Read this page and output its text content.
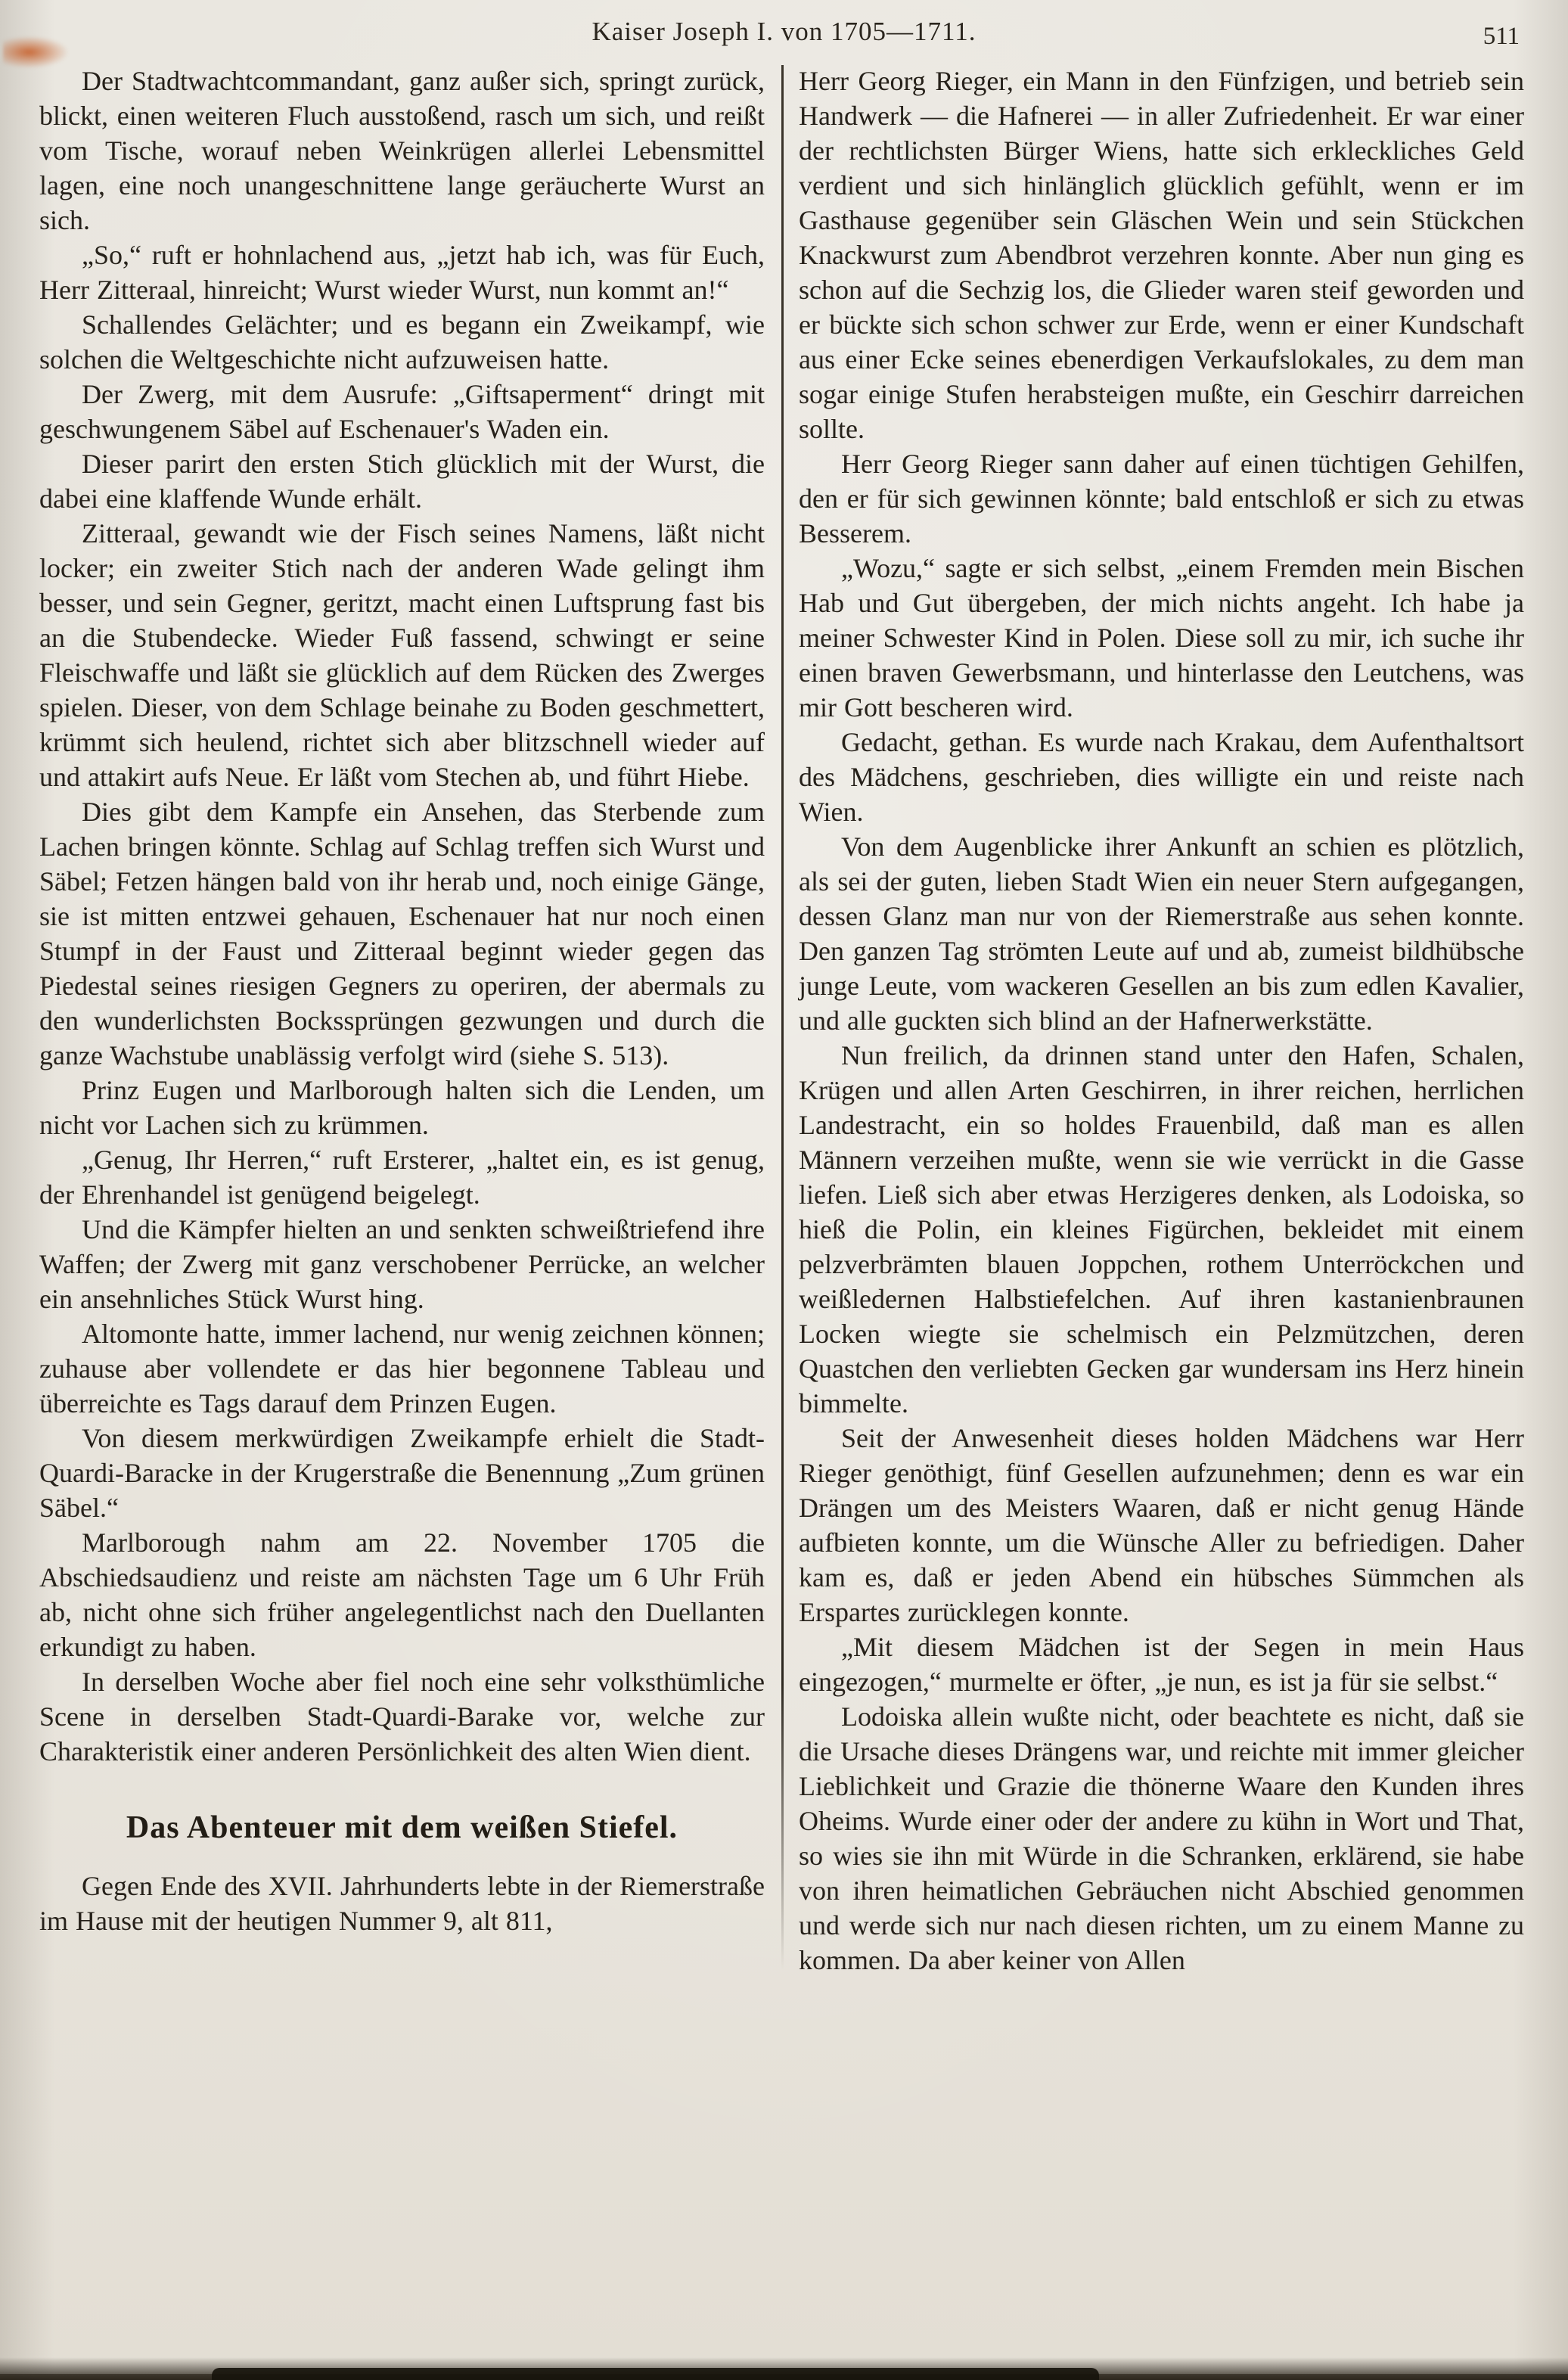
Kaiser Joseph I. von 1705—1711.	511

Der Stadtwachtcommandant, ganz außer sich, springt zurück, blickt, einen weiteren Fluch ausstoßend, rasch um sich, und reißt vom Tische, worauf neben Weinkrügen allerlei Lebensmittel lagen, eine noch unangeschnittene lange geräucherte Wurst an sich.

„So,“ ruft er hohnlachend aus, „jetzt hab ich, was für Euch, Herr Zitteraal, hinreicht; Wurst wieder Wurst, nun kommt an!“

Schallendes Gelächter; und es begann ein Zweikampf, wie solchen die Weltgeschichte nicht aufzuweisen hatte.

Der Zwerg, mit dem Ausrufe: „Giftsaperment“ dringt mit geschwungenem Säbel auf Eschenauer's Waden ein.

Dieser parirt den ersten Stich glücklich mit der Wurst, die dabei eine klaffende Wunde erhält.

Zitteraal, gewandt wie der Fisch seines Namens, läßt nicht locker; ein zweiter Stich nach der anderen Wade gelingt ihm besser, und sein Gegner, geritzt, macht einen Luftsprung fast bis an die Stubendecke. Wieder Fuß fassend, schwingt er seine Fleischwaffe und läßt sie glücklich auf dem Rücken des Zwerges spielen. Dieser, von dem Schlage beinahe zu Boden geschmettert, krümmt sich heulend, richtet sich aber blitzschnell wieder auf und attakirt aufs Neue. Er läßt vom Stechen ab, und führt Hiebe.

Dies gibt dem Kampfe ein Ansehen, das Sterbende zum Lachen bringen könnte. Schlag auf Schlag treffen sich Wurst und Säbel; Fetzen hängen bald von ihr herab und, noch einige Gänge, sie ist mitten entzwei gehauen, Eschenauer hat nur noch einen Stumpf in der Faust und Zitteraal beginnt wieder gegen das Piedestal seines riesigen Gegners zu operiren, der abermals zu den wunderlichsten Bockssprüngen gezwungen und durch die ganze Wachstube unablässig verfolgt wird (siehe S. 513).

Prinz Eugen und Marlborough halten sich die Lenden, um nicht vor Lachen sich zu krümmen.

„Genug, Ihr Herren,“ ruft Ersterer, „haltet ein, es ist genug, der Ehrenhandel ist genügend beigelegt.

Und die Kämpfer hielten an und senkten schweißtriefend ihre Waffen; der Zwerg mit ganz verschobener Perrücke, an welcher ein ansehnliches Stück Wurst hing.

Altomonte hatte, immer lachend, nur wenig zeichnen können; zuhause aber vollendete er das hier begonnene Tableau und überreichte es Tags darauf dem Prinzen Eugen.

Von diesem merkwürdigen Zweikampfe erhielt die Stadt-Quardi-Baracke in der Krugerstraße die Benennung „Zum grünen Säbel.“

Marlborough nahm am 22. November 1705 die Abschiedsaudienz und reiste am nächsten Tage um 6 Uhr Früh ab, nicht ohne sich früher angelegentlichst nach den Duellanten erkundigt zu haben.

In derselben Woche aber fiel noch eine sehr volksthümliche Scene in derselben Stadt-Quardi-Barake vor, welche zur Charakteristik einer anderen Persönlichkeit des alten Wien dient.

Das Abenteuer mit dem weißen Stiefel.

Gegen Ende des XVII. Jahrhunderts lebte in der Riemerstraße im Hause mit der heutigen Nummer 9, alt 811,

Herr Georg Rieger, ein Mann in den Fünfzigen, und betrieb sein Handwerk — die Hafnerei — in aller Zufriedenheit. Er war einer der rechtlichsten Bürger Wiens, hatte sich erkleckliches Geld verdient und sich hinlänglich glücklich gefühlt, wenn er im Gasthause gegenüber sein Gläschen Wein und sein Stückchen Knackwurst zum Abendbrot verzehren konnte. Aber nun ging es schon auf die Sechzig los, die Glieder waren steif geworden und er bückte sich schon schwer zur Erde, wenn er einer Kundschaft aus einer Ecke seines ebenerdigen Verkaufslokales, zu dem man sogar einige Stufen herabsteigen mußte, ein Geschirr darreichen sollte.

Herr Georg Rieger sann daher auf einen tüchtigen Gehilfen, den er für sich gewinnen könnte; bald entschloß er sich zu etwas Besserem.

„Wozu,“ sagte er sich selbst, „einem Fremden mein Bischen Hab und Gut übergeben, der mich nichts angeht. Ich habe ja meiner Schwester Kind in Polen. Diese soll zu mir, ich suche ihr einen braven Gewerbsmann, und hinterlasse den Leutchens, was mir Gott bescheren wird.

Gedacht, gethan. Es wurde nach Krakau, dem Aufenthaltsort des Mädchens, geschrieben, dies willigte ein und reiste nach Wien.

Von dem Augenblicke ihrer Ankunft an schien es plötzlich, als sei der guten, lieben Stadt Wien ein neuer Stern aufgegangen, dessen Glanz man nur von der Riemerstraße aus sehen konnte. Den ganzen Tag strömten Leute auf und ab, zumeist bildhübsche junge Leute, vom wackeren Gesellen an bis zum edlen Kavalier, und alle guckten sich blind an der Hafnerwerkstätte.

Nun freilich, da drinnen stand unter den Hafen, Schalen, Krügen und allen Arten Geschirren, in ihrer reichen, herrlichen Landestracht, ein so holdes Frauenbild, daß man es allen Männern verzeihen mußte, wenn sie wie verrückt in die Gasse liefen. Ließ sich aber etwas Herzigeres denken, als Lodoiska, so hieß die Polin, ein kleines Figürchen, bekleidet mit einem pelzverbrämten blauen Joppchen, rothem Unterröckchen und weißledernen Halbstiefelchen. Auf ihren kastanienbraunen Locken wiegte sie schelmisch ein Pelzmützchen, deren Quastchen den verliebten Gecken gar wundersam ins Herz hinein bimmelte.

Seit der Anwesenheit dieses holden Mädchens war Herr Rieger genöthigt, fünf Gesellen aufzunehmen; denn es war ein Drängen um des Meisters Waaren, daß er nicht genug Hände aufbieten konnte, um die Wünsche Aller zu befriedigen. Daher kam es, daß er jeden Abend ein hübsches Sümmchen als Erspartes zurücklegen konnte.

„Mit diesem Mädchen ist der Segen in mein Haus eingezogen,“ murmelte er öfter, „je nun, es ist ja für sie selbst.“

Lodoiska allein wußte nicht, oder beachtete es nicht, daß sie die Ursache dieses Drängens war, und reichte mit immer gleicher Lieblichkeit und Grazie die thönerne Waare den Kunden ihres Oheims. Wurde einer oder der andere zu kühn in Wort und That, so wies sie ihn mit Würde in die Schranken, erklärend, sie habe von ihren heimatlichen Gebräuchen nicht Abschied genommen und werde sich nur nach diesen richten, um zu einem Manne zu kommen. Da aber keiner von Allen
